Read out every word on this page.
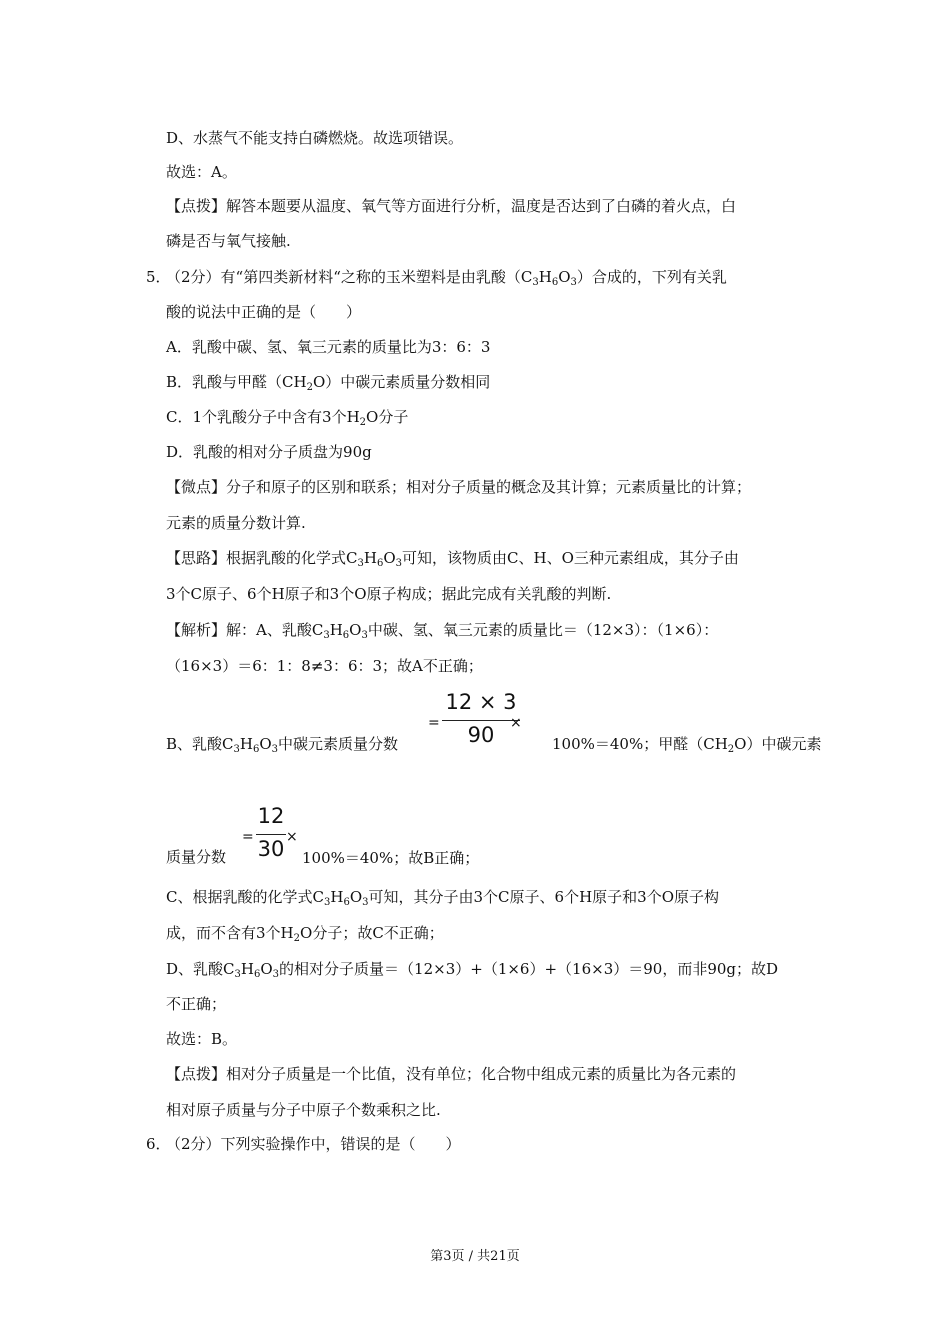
D、水蒸气不能支持白磷燃烧。故选项错误。
故选：A。
【点拨】解答本题要从温度、氧气等方面进行分析，温度是否达到了白磷的着火点，白
磷是否与氧气接触.
5．
（2分）有“第四类新材料“之称的玉米塑料是由乳酸$(C_3H_6O_3)$合成的，下列有关乳
酸的说法中正确的是（　　）
A．乳酸中碳、氢、氧三元素的质量比为3：6：3
B．乳酸与甲醛$(CH_2O)$中碳元素质量分数相同
C．1个乳酸分子中含有3个$H_2O$分子
D．乳酸的相对分子质盘为90g
【微点】分子和原子的区别和联系；相对分子质量的概念及其计算；元素质量比的计算；
元素的质量分数计算.
【思路】根据乳酸的化学式$C_3H_6O_3$可知，该物质由C、H、O三种元素组成，其分子由
3个C原子、6个H原子和3个O原子构成；据此完成有关乳酸的判断.
【解析】解：A、乳酸$C_3H_6O_3$中碳、氢、氧三元素的质量比＝（12×3）：（1×6）：
（16×3）＝6：1：8≠3：6：3；故A不正确；
=
12 × 3
90	×
B、乳酸$C_3H_6O_3$中碳元素质量分数	100%＝40%；甲醛$(CH_2O)$中碳元素
=
12
30 ×
质量分数	100%＝40%；故B正确；
C、根据乳酸的化学式$C_3H_6O_3$可知，其分子由3个C原子、6个H原子和3个O原子构
成，而不含有3个$H_2O$分子；故C不正确；
D、乳酸$C_3H_6O_3$的相对分子质量＝（12×3）+（1×6）+（16×3）＝90，而非90g；故D
不正确；
故选：B。
【点拨】相对分子质量是一个比值，没有单位；化合物中组成元素的质量比为各元素的
相对原子质量与分子中原子个数乘积之比.
6．
（2分）下列实验操作中，错误的是（　　）
第3页 / 共21页
